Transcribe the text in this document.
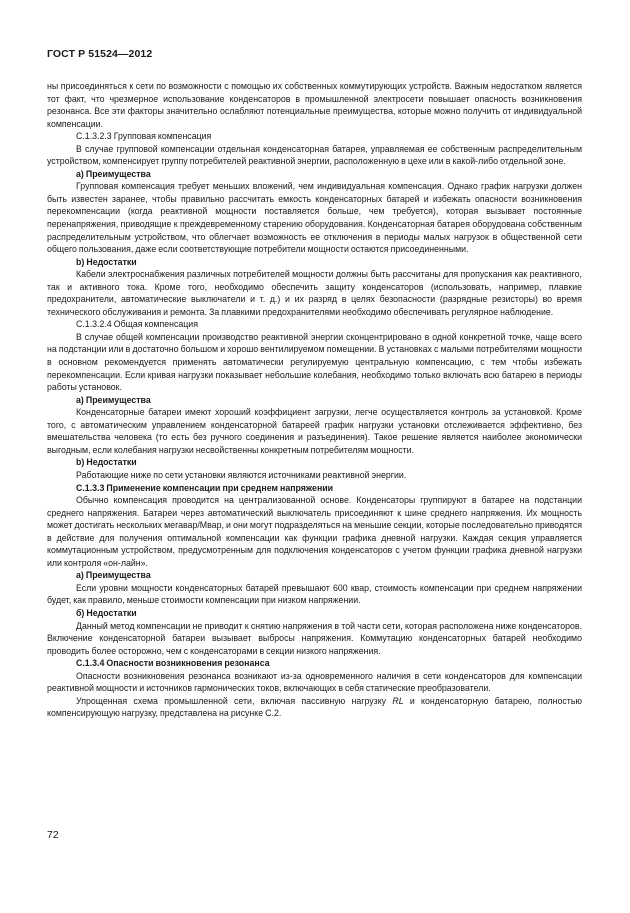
ГОСТ Р 51524—2012

ны присоединяться к сети по возможности с помощью их собственных коммутирующих устройств. Важным недостатком является тот факт, что чрезмерное использование конденсаторов в промышленной электросети повышает опасность возникновения резонанса. Все эти факторы значительно ослабляют потенциальные преимущества, которые можно получить от индивидуальной компенсации.

С.1.3.2.3 Групповая компенсация

В случае групповой компенсации отдельная конденсаторная батарея, управляемая ее собственным распределительным устройством, компенсирует группу потребителей реактивной энергии, расположенную в цехе или в какой-либо отдельной зоне.

a) Преимущества

Групповая компенсация требует меньших вложений, чем индивидуальная компенсация. Однако график нагрузки должен быть известен заранее, чтобы правильно рассчитать емкость конденсаторных батарей и избежать опасности возникновения перекомпенсации (когда реактивной мощности поставляется больше, чем требуется), которая вызывает постоянные перенапряжения, приводящие к преждевременному старению оборудования. Конденсаторная батарея оборудована собственным распределительным устройством, что облегчает возможность ее отключения в периоды малых нагрузок в общественной сети общего пользования, даже если соответствующие потребители мощности остаются присоединенными.

b) Недостатки

Кабели электроснабжения различных потребителей мощности должны быть рассчитаны для пропускания как реактивного, так и активного тока. Кроме того, необходимо обеспечить защиту конденсаторов (использовать, например, плавкие предохранители, автоматические выключатели и т. д.) и их разряд в целях безопасности (разрядные резисторы) во время технического обслуживания и ремонта. За плавкими предохранителями необходимо обеспечивать регулярное наблюдение.

С.1.3.2.4 Общая компенсация

В случае общей компенсации производство реактивной энергии сконцентрировано в одной конкретной точке, чаще всего на подстанции или в достаточно большом и хорошо вентилируемом помещении. В установках с малыми потребителями мощности в основном рекомендуется применять автоматически регулируемую центральную компенсацию, с тем чтобы избежать перекомпенсации. Если кривая нагрузки показывает небольшие колебания, необходимо только включать всю батарею в периоды работы установок.

a) Преимущества

Конденсаторные батареи имеют хороший коэффициент загрузки, легче осуществляется контроль за установкой. Кроме того, с автоматическим управлением конденсаторной батареей график нагрузки установки отслеживается эффективно, без вмешательства человека (то есть без ручного соединения и разъединения). Такое решение является наиболее экономически выгодным, если колебания нагрузки несвойственны конкретным потребителям мощности.

b) Недостатки

Работающие ниже по сети установки являются источниками реактивной энергии.

С.1.3.3 Применение компенсации при среднем напряжении

Обычно компенсация проводится на централизованной основе. Конденсаторы группируют в батарее на подстанции среднего напряжения. Батареи через автоматический выключатель присоединяют к шине среднего напряжения. Их мощность может достигать нескольких мегавар/Мвар, и они могут подразделяться на меньшие секции, которые последовательно приводятся в действие для получения оптимальной компенсации как функции графика дневной нагрузки. Каждая секция управляется коммутационным устройством, предусмотренным для подключения конденсаторов с учетом функции графика дневной нагрузки или контроля «он-лайн».

a) Преимущества

Если уровни мощности конденсаторных батарей превышают 600 квар, стоимость компенсации при среднем напряжении будет, как правило, меньше стоимости компенсации при низком напряжении.

б) Недостатки

Данный метод компенсации не приводит к снятию напряжения в той части сети, которая расположена ниже конденсаторов. Включение конденсаторной батареи вызывает выбросы напряжения. Коммутацию конденсаторных батарей необходимо проводить более осторожно, чем с конденсаторами в секции низкого напряжения.

С.1.3.4 Опасности возникновения резонанса

Опасности возникновения резонанса возникают из-за одновременного наличия в сети конденсаторов для компенсации реактивной мощности и источников гармонических токов, включающих в себя статические преобразователи.

Упрощенная схема промышленной сети, включая пассивную нагрузку RL и конденсаторную батарею, полностью компенсирующую нагрузку, представлена на рисунке С.2.

72
